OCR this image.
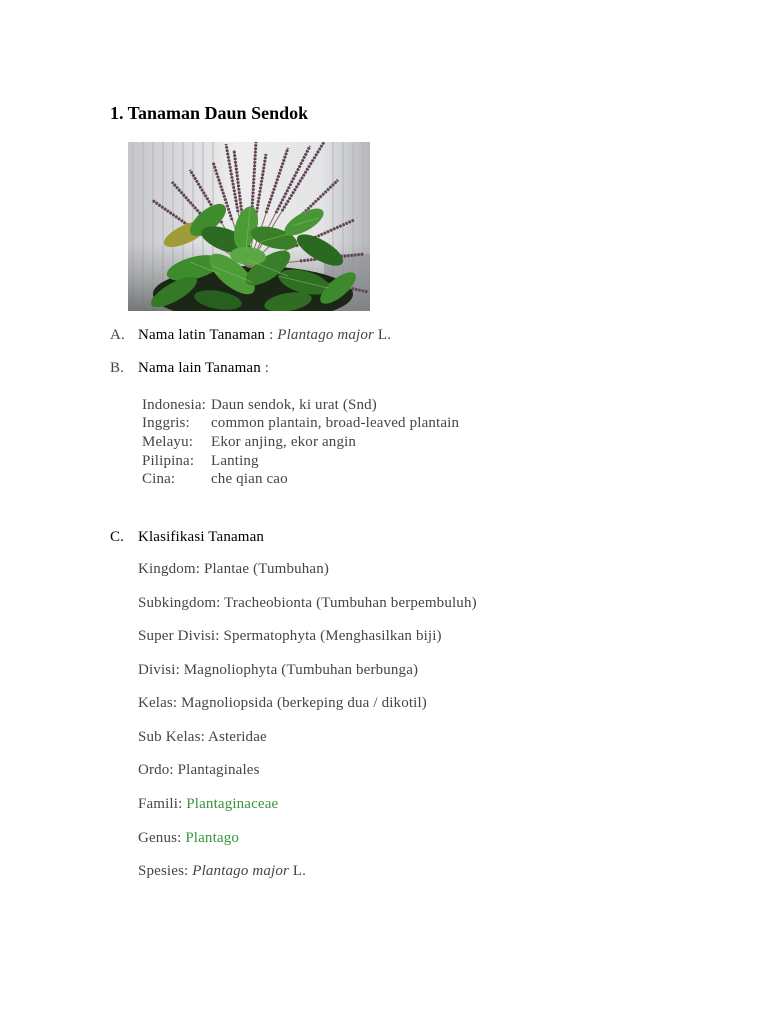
1. Tanaman Daun Sendok
A. Nama latin Tanaman : Plantago major L.
B. Nama lain Tanaman :
Indonesia: Daun sendok, ki urat (Snd)
Inggris: common plantain, broad-leaved plantain
Melayu: Ekor anjing, ekor angin
Pilipina: Lanting
Cina: che qian cao
C. Klasifikasi Tanaman
Kingdom: Plantae (Tumbuhan)
Subkingdom: Tracheobionta (Tumbuhan berpembuluh)
Super Divisi: Spermatophyta (Menghasilkan biji)
Divisi: Magnoliophyta (Tumbuhan berbunga)
Kelas: Magnoliopsida (berkeping dua / dikotil)
Sub Kelas: Asteridae
Ordo: Plantaginales
Famili: Plantaginaceae
Genus: Plantago
Spesies: Plantago major L.
